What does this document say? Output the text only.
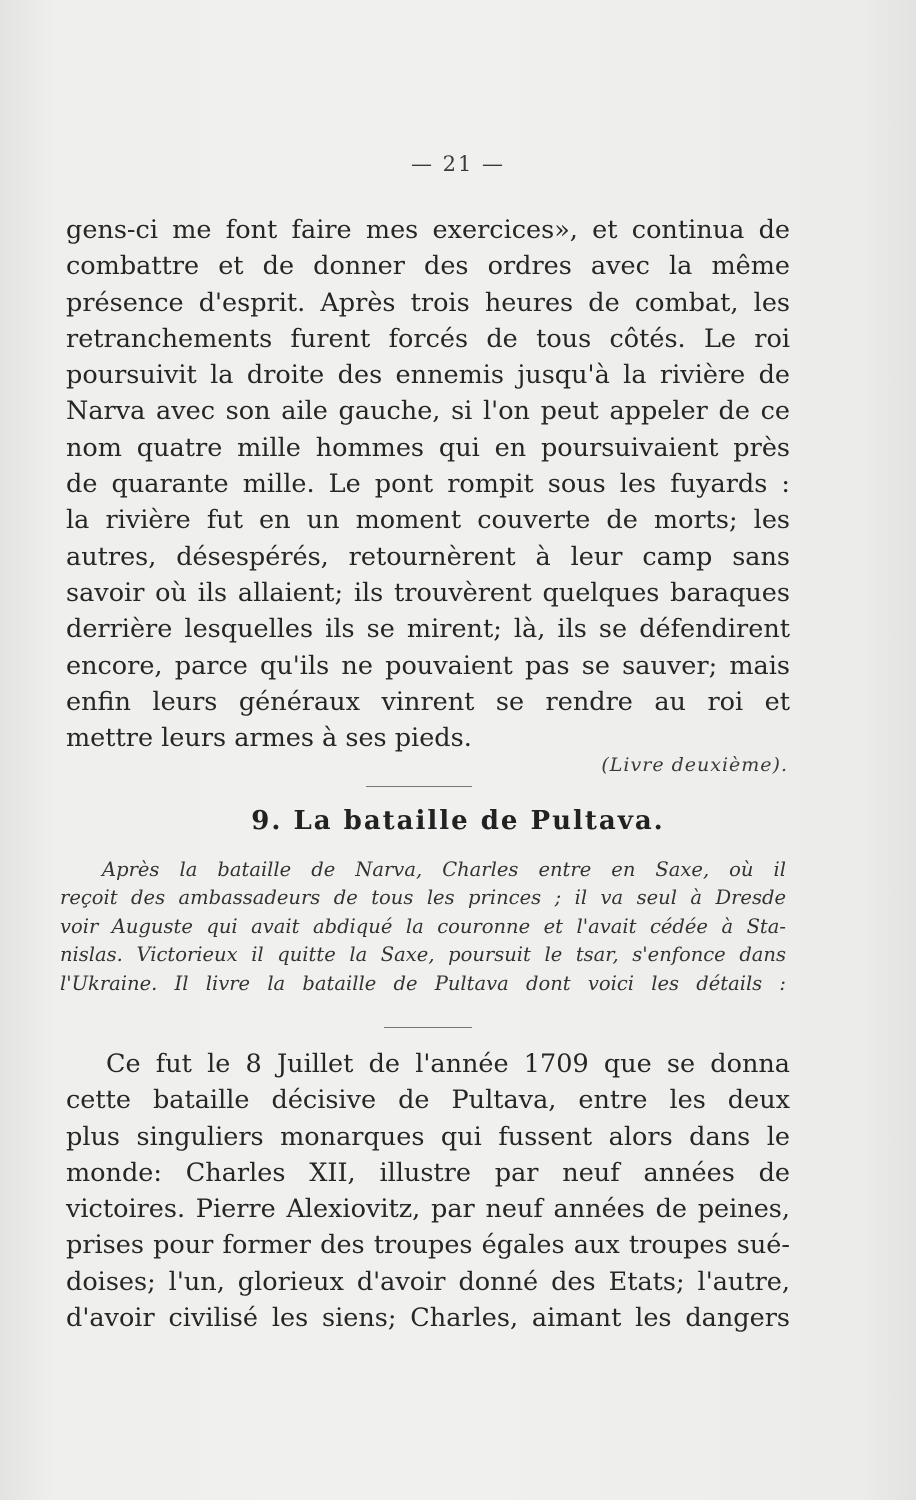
— 21 —
gens-ci me font faire mes exercices», et continua de
combattre et de donner des ordres avec la même
présence d'esprit. Après trois heures de combat, les
retranchements furent forcés de tous côtés. Le roi
poursuivit la droite des ennemis jusqu'à la rivière de
Narva avec son aile gauche, si l'on peut appeler de ce
nom quatre mille hommes qui en poursuivaient près
de quarante mille. Le pont rompit sous les fuyards :
la rivière fut en un moment couverte de morts; les
autres, désespérés, retournèrent à leur camp sans
savoir où ils allaient; ils trouvèrent quelques baraques
derrière lesquelles ils se mirent; là, ils se défendirent
encore, parce qu'ils ne pouvaient pas se sauver; mais
enfin leurs généraux vinrent se rendre au roi et
mettre leurs armes à ses pieds.
(Livre deuxième).
9. La bataille de Pultava.
Après la bataille de Narva, Charles entre en Saxe, où il
reçoit des ambassadeurs de tous les princes ; il va seul à Dresde
voir Auguste qui avait abdiqué la couronne et l'avait cédée à Sta-
nislas. Victorieux il quitte la Saxe, poursuit le tsar, s'enfonce dans
l'Ukraine. Il livre la bataille de Pultava dont voici les détails :
Ce fut le 8 Juillet de l'année 1709 que se donna
cette bataille décisive de Pultava, entre les deux
plus singuliers monarques qui fussent alors dans le
monde: Charles XII, illustre par neuf années de
victoires. Pierre Alexiovitz, par neuf années de peines,
prises pour former des troupes égales aux troupes sué-
doises; l'un, glorieux d'avoir donné des Etats; l'autre,
d'avoir civilisé les siens; Charles, aimant les dangers
